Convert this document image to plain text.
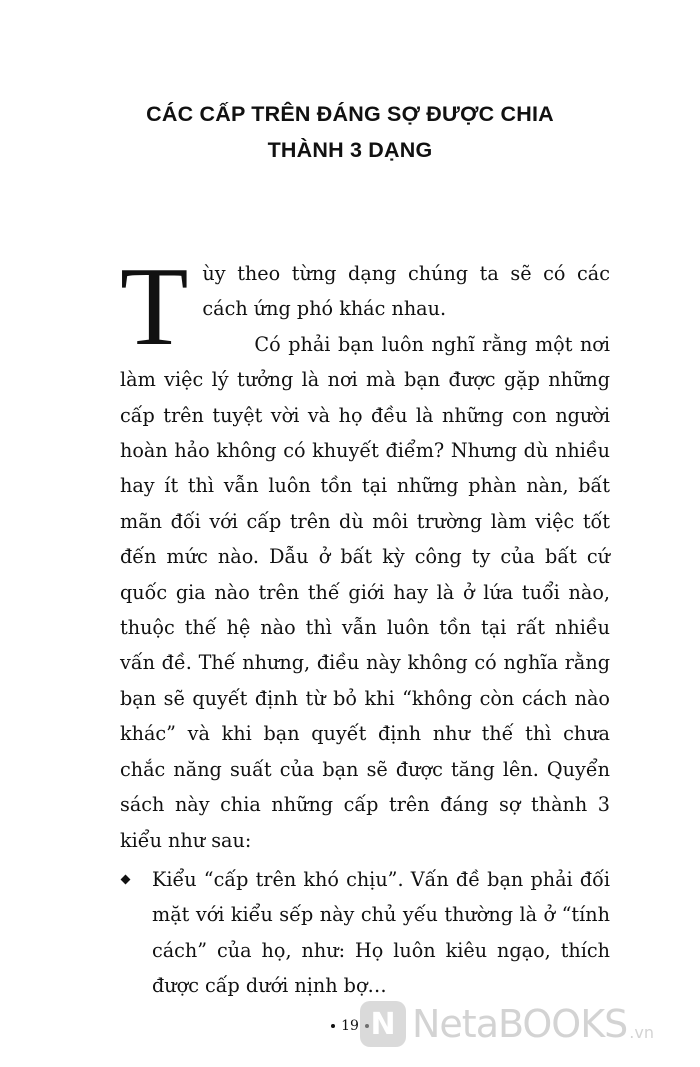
CÁC CẤP TRÊN ĐÁNG SỢ ĐƯỢC CHIA
THÀNH 3 DẠNG

Tùy theo từng dạng chúng ta sẽ có các cách ứng phó khác nhau.

Có phải bạn luôn nghĩ rằng một nơi làm việc lý tưởng là nơi mà bạn được gặp những cấp trên tuyệt vời và họ đều là những con người hoàn hảo không có khuyết điểm? Nhưng dù nhiều hay ít thì vẫn luôn tồn tại những phàn nàn, bất mãn đối với cấp trên dù môi trường làm việc tốt đến mức nào. Dẫu ở bất kỳ công ty của bất cứ quốc gia nào trên thế giới hay là ở lứa tuổi nào, thuộc thế hệ nào thì vẫn luôn tồn tại rất nhiều vấn đề. Thế nhưng, điều này không có nghĩa rằng bạn sẽ quyết định từ bỏ khi “không còn cách nào khác” và khi bạn quyết định như thế thì chưa chắc năng suất của bạn sẽ được tăng lên. Quyển sách này chia những cấp trên đáng sợ thành 3 kiểu như sau:

Kiểu “cấp trên khó chịu”. Vấn đề bạn phải đối mặt với kiểu sếp này chủ yếu thường là ở “tính cách” của họ, như: Họ luôn kiêu ngạo, thích được cấp dưới nịnh bợ…
19 N NetaBOOKS .vn
